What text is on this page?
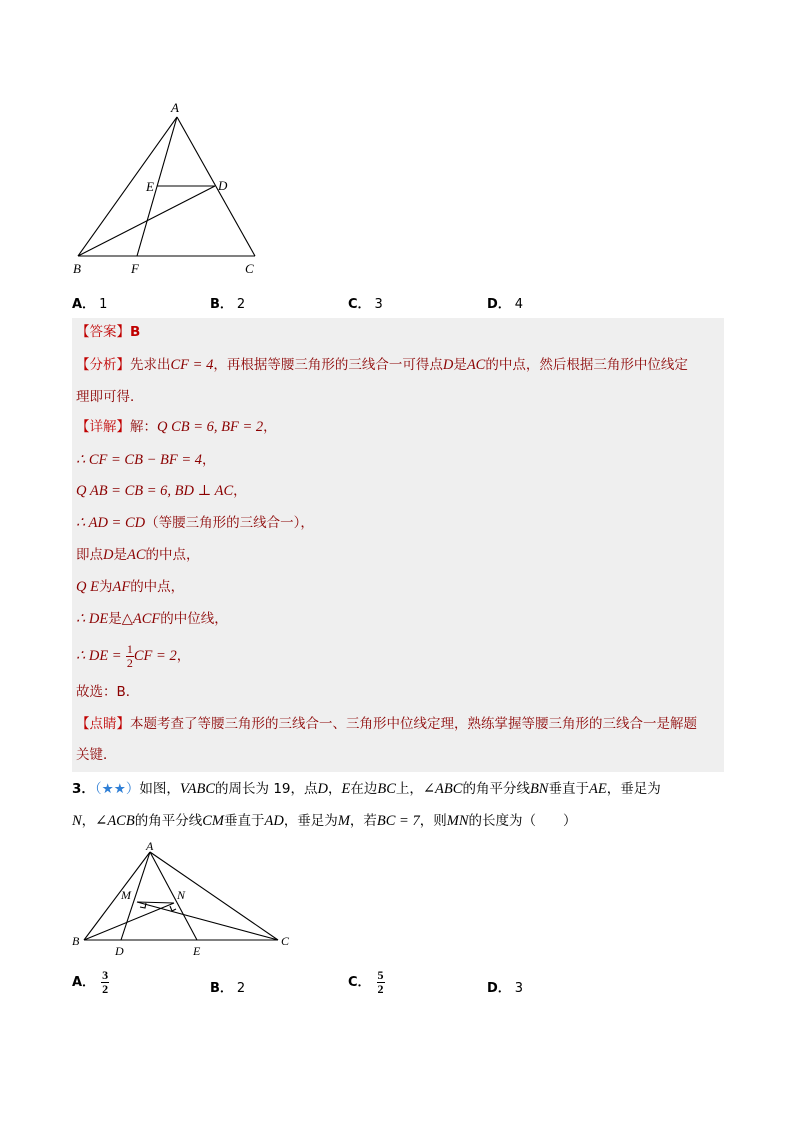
A
B	C
D
E
F
A． 1	B． 2	C． 3	D． 4
【答案】B
【分析】先求出CF = 4，再根据等腰三角形的三线合一可得点D是AC的中点，然后根据三角形中位线定
理即可得．
【详解】解：Q CB = 6, BF = 2，
∴ CF = CB − BF = 4，
Q AB = CB = 6, BD ⊥ AC，
∴ AD = CD（等腰三角形的三线合一），
即点D是AC的中点，
Q E为AF的中点，
∴ DE是△ACF的中位线，
∴ DE = $\frac{1}{2}$ CF = 2，
故选：B．
【点睛】本题考查了等腰三角形的三线合一、三角形中位线定理，熟练掌握等腰三角形的三线合一是解题
关键．
3．（★★）如图，VABC的周长为 19，点D，E在边BC上，∠ABC的角平分线BN垂直于AE，垂足为
N，∠ACB的角平分线CM垂直于AD，垂足为M，若BC = 7，则MN的长度为（　　）
A
B	C
D	E
M	N
A． $\frac{3}{2}$	B． 2	C． $\frac{5}{2}$	D． 3
